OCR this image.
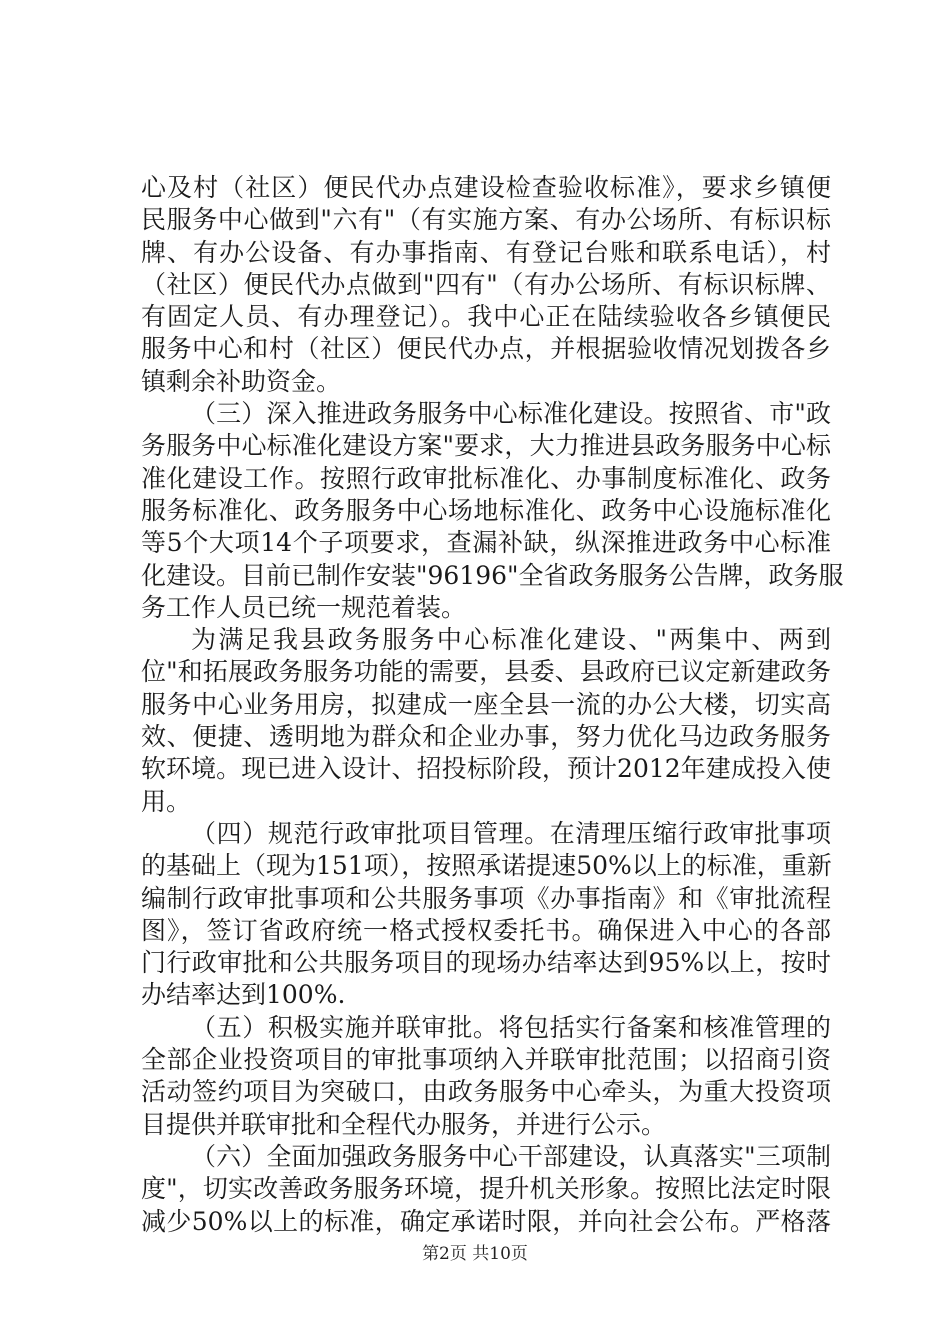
心及村（社区）便民代办点建设检查验收标准》，要求乡镇便
民服务中心做到"六有"（有实施方案、有办公场所、有标识标
牌、有办公设备、有办事指南、有登记台账和联系电话），村
（社区）便民代办点做到"四有"（有办公场所、有标识标牌、
有固定人员、有办理登记）。我中心正在陆续验收各乡镇便民
服务中心和村（社区）便民代办点，并根据验收情况划拨各乡
镇剩余补助资金。
（三）深入推进政务服务中心标准化建设。按照省、市"政
务服务中心标准化建设方案"要求，大力推进县政务服务中心标
准化建设工作。按照行政审批标准化、办事制度标准化、政务
服务标准化、政务服务中心场地标准化、政务中心设施标准化
等5个大项14个子项要求，查漏补缺，纵深推进政务中心标准
化建设。目前已制作安装"96196"全省政务服务公告牌，政务服
务工作人员已统一规范着装。
为满足我县政务服务中心标准化建设、"两集中、两到
位"和拓展政务服务功能的需要，县委、县政府已议定新建政务
服务中心业务用房，拟建成一座全县一流的办公大楼，切实高
效、便捷、透明地为群众和企业办事，努力优化马边政务服务
软环境。现已进入设计、招投标阶段，预计2012年建成投入使
用。
（四）规范行政审批项目管理。在清理压缩行政审批事项
的基础上（现为151项），按照承诺提速50%以上的标准，重新
编制行政审批事项和公共服务事项《办事指南》和《审批流程
图》，签订省政府统一格式授权委托书。确保进入中心的各部
门行政审批和公共服务项目的现场办结率达到95%以上，按时
办结率达到100%.
（五）积极实施并联审批。将包括实行备案和核准管理的
全部企业投资项目的审批事项纳入并联审批范围；以招商引资
活动签约项目为突破口，由政务服务中心牵头，为重大投资项
目提供并联审批和全程代办服务，并进行公示。
（六）全面加强政务服务中心干部建设，认真落实"三项制
度"，切实改善政务服务环境，提升机关形象。按照比法定时限
减少50%以上的标准，确定承诺时限，并向社会公布。严格落
第2页 共10页
